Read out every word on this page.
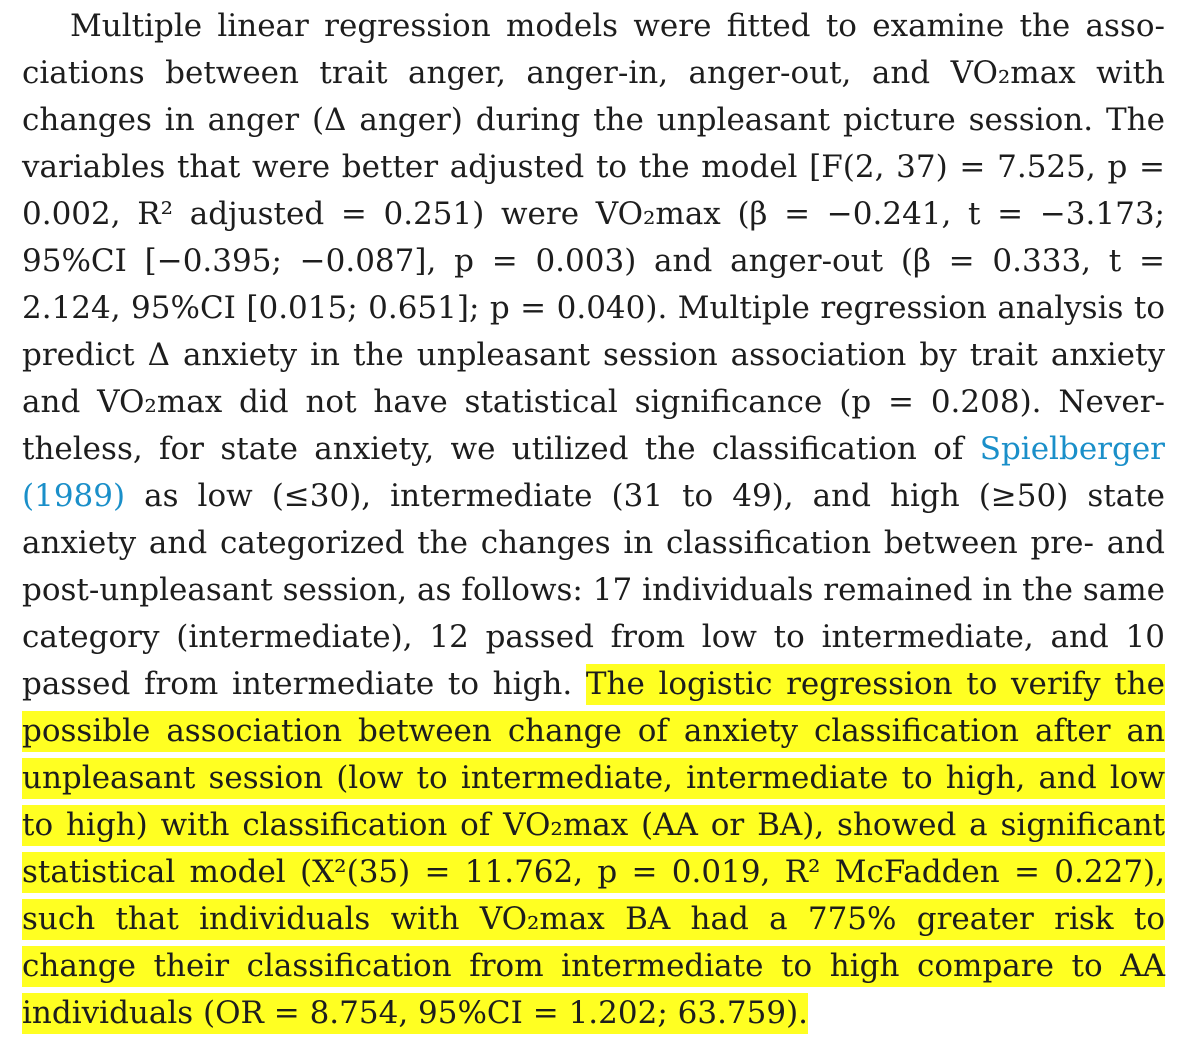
Multiple linear regression models were fitted to examine the asso-
ciations between trait anger, anger-in, anger-out, and VO₂max with
changes in anger (Δ anger) during the unpleasant picture session. The
variables that were better adjusted to the model [F(2, 37) = 7.525, p =
0.002, R² adjusted = 0.251) were VO₂max (β = −0.241, t = −3.173;
95%CI [−0.395; −0.087], p = 0.003) and anger-out (β = 0.333, t =
2.124, 95%CI [0.015; 0.651]; p = 0.040). Multiple regression analysis to
predict Δ anxiety in the unpleasant session association by trait anxiety
and VO₂max did not have statistical significance (p = 0.208). Never-
theless, for state anxiety, we utilized the classification of Spielberger
(1989) as low (≤30), intermediate (31 to 49), and high (≥50) state
anxiety and categorized the changes in classification between pre- and
post-unpleasant session, as follows: 17 individuals remained in the same
category (intermediate), 12 passed from low to intermediate, and 10
passed from intermediate to high. The logistic regression to verify the
possible association between change of anxiety classification after an
unpleasant session (low to intermediate, intermediate to high, and low
to high) with classification of VO₂max (AA or BA), showed a significant
statistical model (X²(35) = 11.762, p = 0.019, R² McFadden = 0.227),
such that individuals with VO₂max BA had a 775% greater risk to
change their classification from intermediate to high compare to AA
individuals (OR = 8.754, 95%CI = 1.202; 63.759).
